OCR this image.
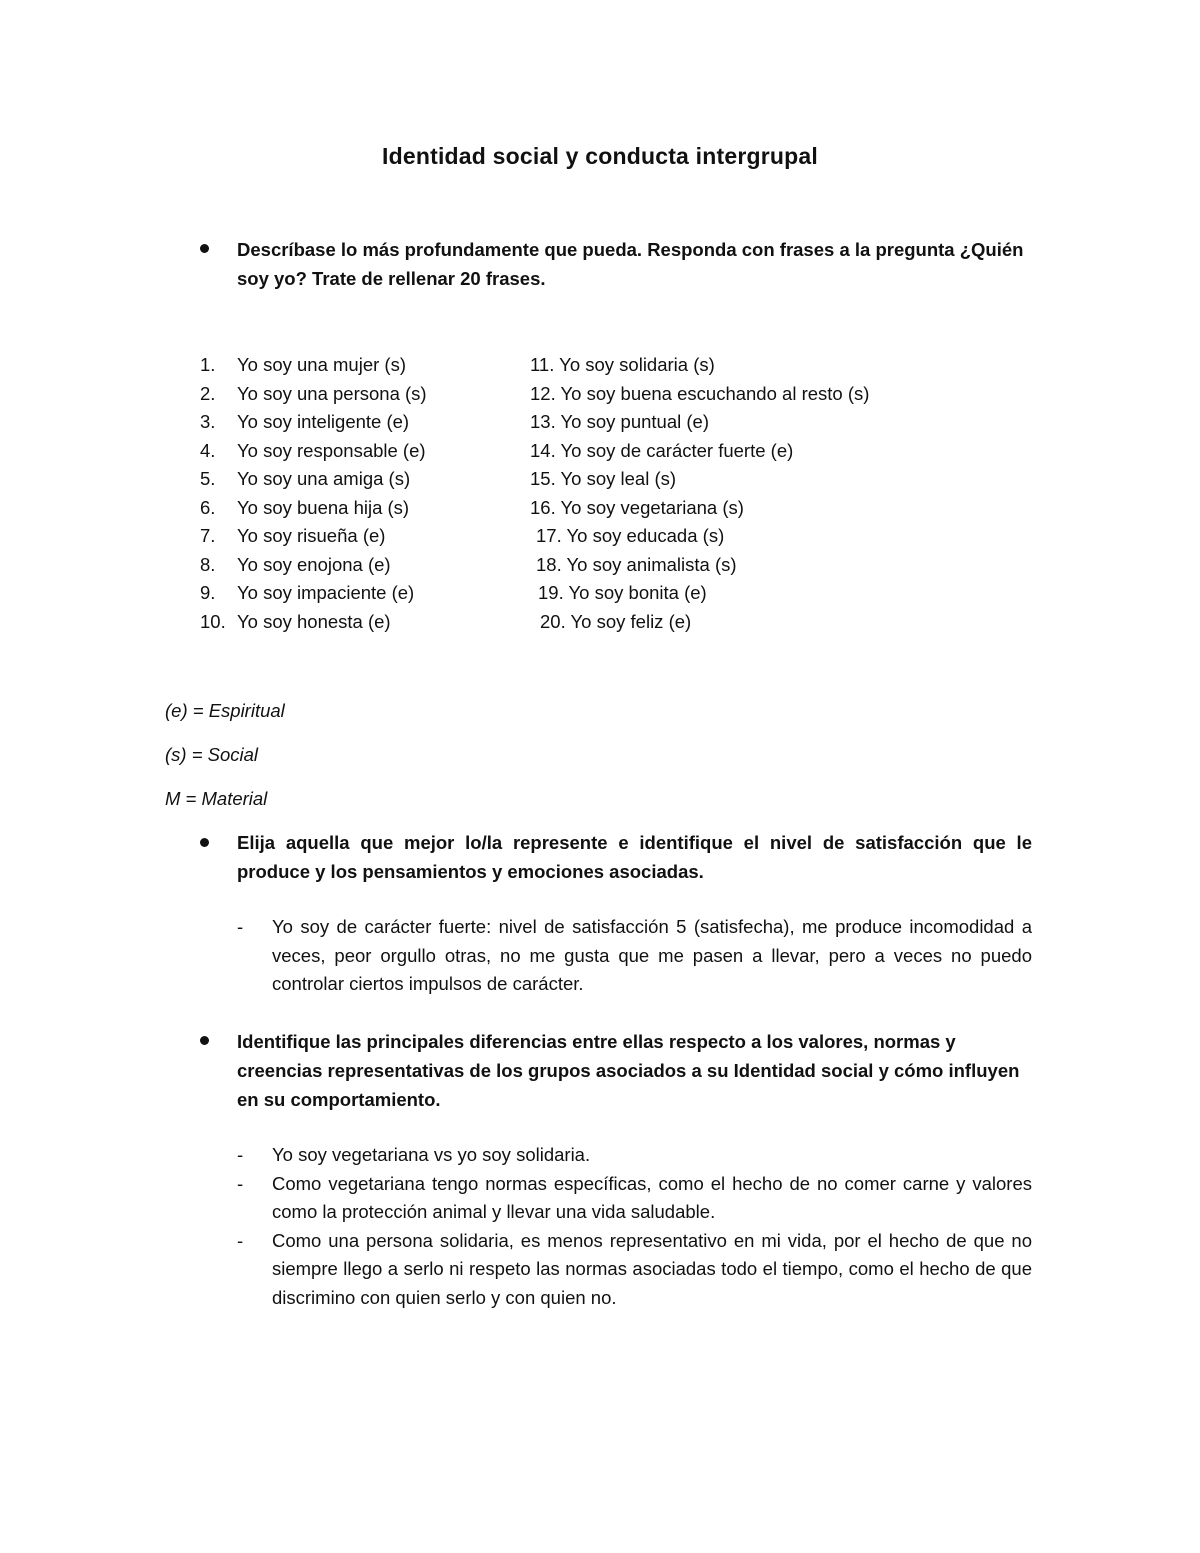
Identidad social y conducta intergrupal
Descríbase lo más profundamente que pueda. Responda con frases a la pregunta ¿Quién soy yo? Trate de rellenar 20 frases.
1. Yo soy una mujer (s)
2. Yo soy una persona (s)
3. Yo soy inteligente (e)
4. Yo soy responsable (e)
5. Yo soy una amiga (s)
6. Yo soy buena hija (s)
7. Yo soy risueña (e)
8. Yo soy enojona (e)
9. Yo soy impaciente (e)
10. Yo soy honesta (e)
11. Yo soy solidaria (s)
12. Yo soy buena escuchando al resto (s)
13. Yo soy puntual (e)
14. Yo soy de carácter fuerte (e)
15. Yo soy leal (s)
16. Yo soy vegetariana (s)
17. Yo soy educada (s)
18. Yo soy animalista (s)
19. Yo soy bonita (e)
20. Yo soy feliz (e)
(e) = Espiritual
(s) = Social
M = Material
Elija aquella que mejor lo/la represente e identifique el nivel de satisfacción que le produce y los pensamientos y emociones asociadas.
- Yo soy de carácter fuerte: nivel de satisfacción 5 (satisfecha), me produce incomodidad a veces, peor orgullo otras, no me gusta que me pasen a llevar, pero a veces no puedo controlar ciertos impulsos de carácter.
Identifique las principales diferencias entre ellas respecto a los valores, normas y creencias representativas de los grupos asociados a su Identidad social y cómo influyen en su comportamiento.
- Yo soy vegetariana vs yo soy solidaria.
- Como vegetariana tengo normas específicas, como el hecho de no comer carne y valores como la protección animal y llevar una vida saludable.
- Como una persona solidaria, es menos representativo en mi vida, por el hecho de que no siempre llego a serlo ni respeto las normas asociadas todo el tiempo, como el hecho de que discrimino con quien serlo y con quien no.
